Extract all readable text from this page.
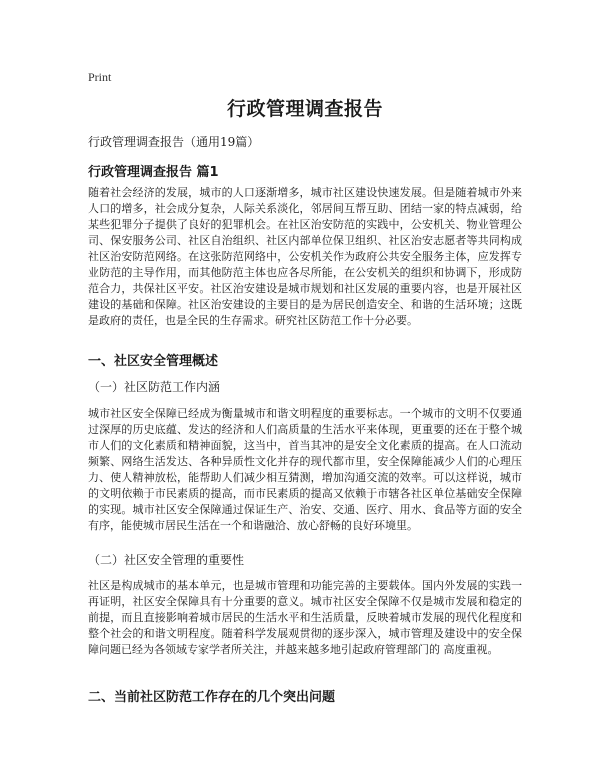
Print
行政管理调查报告
行政管理调查报告（通用19篇）
行政管理调查报告 篇1
随着社会经济的发展，城市的人口逐渐增多，城市社区建设快速发展。但是随着城市外来人口的增多，社会成分复杂，人际关系淡化，邻居间互帮互助、团结一家的特点减弱，给某些犯罪分子提供了良好的犯罪机会。在社区治安防范的实践中，公安机关、物业管理公司、保安服务公司、社区自治组织、社区内部单位保卫组织、社区治安志愿者等共同构成社区治安防范网络。在这张防范网络中，公安机关作为政府公共安全服务主体，应发挥专业防范的主导作用，而其他防范主体也应各尽所能，在公安机关的组织和协调下，形成防范合力，共保社区平安。社区治安建设是城市规划和社区发展的重要内容，也是开展社区建设的基础和保障。社区治安建设的主要目的是为居民创造安全、和谐的生活环境；这既是政府的责任，也是全民的生存需求。研究社区防范工作十分必要。
一、社区安全管理概述
（一）社区防范工作内涵
城市社区安全保障已经成为衡量城市和谐文明程度的重要标志。一个城市的文明不仅要通过深厚的历史底蕴、发达的经济和人们高质量的生活水平来体现，更重要的还在于整个城市人们的文化素质和精神面貌，这当中，首当其冲的是安全文化素质的提高。在人口流动频繁、网络生活发达、各种异质性文化并存的现代都市里，安全保障能减少人们的心理压力、使人精神放松，能帮助人们减少相互猜测，增加沟通交流的效率。可以这样说，城市的文明依赖于市民素质的提高，而市民素质的提高又依赖于市辖各社区单位基础安全保障的实现。城市社区安全保障通过保证生产、治安、交通、医疗、用水、食品等方面的安全有序，能使城市居民生活在一个和谐融洽、放心舒畅的良好环境里。
（二）社区安全管理的重要性
社区是构成城市的基本单元，也是城市管理和功能完善的主要载体。国内外发展的实践一再证明，社区安全保障具有十分重要的意义。城市社区安全保障不仅是城市发展和稳定的前提，而且直接影响着城市居民的生活水平和生活质量，反映着城市发展的现代化程度和整个社会的和谐文明程度。随着科学发展观贯彻的逐步深入，城市管理及建设中的安全保障问题已经为各领域专家学者所关注，并越来越多地引起政府管理部门的 高度重视。
二、当前社区防范工作存在的几个突出问题
